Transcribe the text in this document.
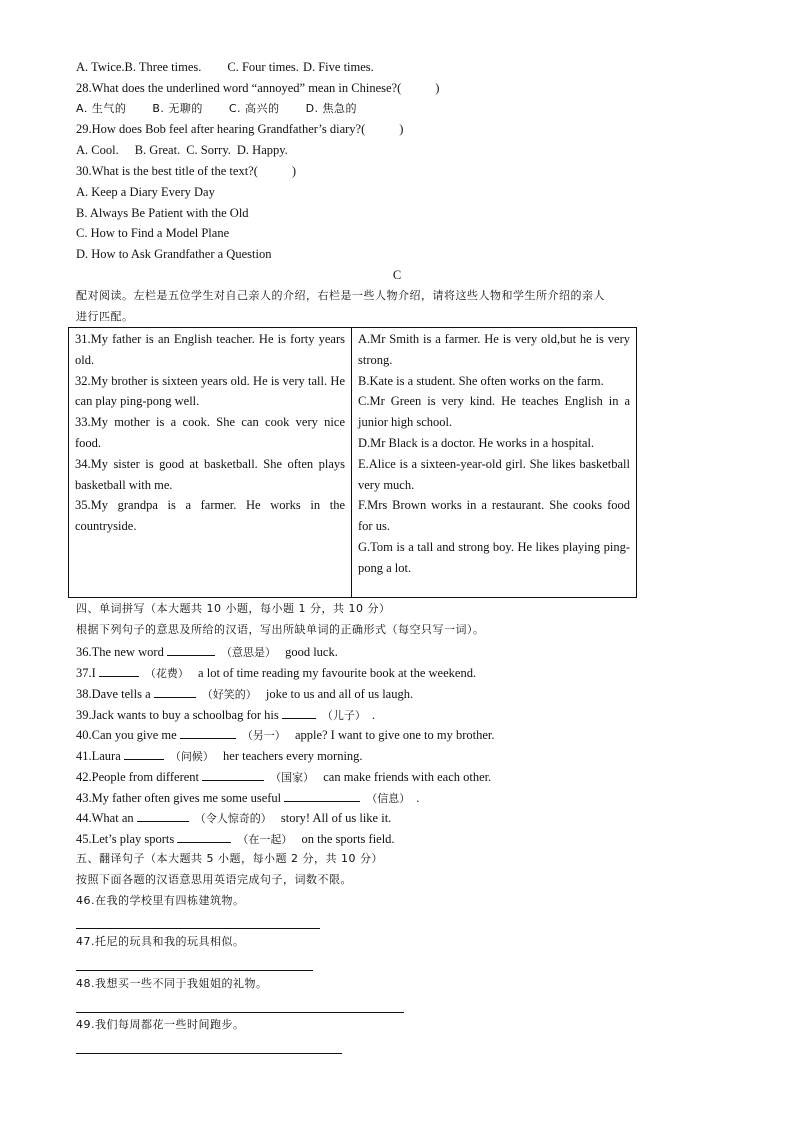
A. Twice.B. Three times. C. Four times. D. Five times.
28.What does the underlined word “annoyed” mean in Chinese?(	)
A. 生气的 B. 无聊的 C. 高兴的 D. 焦急的
29.How does Bob feel after hearing Grandfather’s diary?(	)
A. Cool. B. Great. C. Sorry. D. Happy.
30.What is the best title of the text?(	)
A. Keep a Diary Every Day
B. Always Be Patient with the Old
C. How to Find a Model Plane
D. How to Ask Grandfather a Question
C
配对阅读。左栏是五位学生对自己亲人的介绍，右栏是一些人物介绍，请将这些人物和学生所介绍的亲人
进行匹配。
31.My father is an English teacher. He is forty years old.
32.My brother is sixteen years old. He is very tall. He can play ping-pong well.
33.My mother is a cook. She can cook very nice food.
34.My sister is good at basketball. She often plays basketball with me.
35.My grandpa is a farmer. He works in the countryside.

A.Mr Smith is a farmer. He is very old,but he is very strong.
B.Kate is a student. She often works on the farm.
C.Mr Green is very kind. He teaches English in a junior high school.
D.Mr Black is a doctor. He works in a hospital.
E.Alice is a sixteen-year-old girl. She likes basketball very much.
F.Mrs Brown works in a restaurant. She cooks food for us.
G.Tom is a tall and strong boy. He likes playing ping-pong a lot.
四、单词拼写（本大题共 10 小题，每小题 1 分，共 10 分）
根据下列句子的意思及所给的汉语，写出所缺单词的正确形式（每空只写一词）。
36.The new word	（意思是） good luck.
37.I	（花费） a lot of time reading my favourite book at the weekend.
38.Dave tells a	（好笑的） joke to us and all of us laugh.
39.Jack wants to buy a schoolbag for his	（儿子） .
40.Can you give me	（另一） apple? I want to give one to my brother.
41.Laura	（问候） her teachers every morning.
42.People from different	（国家） can make friends with each other.
43.My father often gives me some useful	（信息） .
44.What an	（令人惊奇的） story! All of us like it.
45.Let’s play sports	（在一起） on the sports field.
五、翻译句子（本大题共 5 小题，每小题 2 分，共 10 分）
按照下面各题的汉语意思用英语完成句子，词数不限。
46.在我的学校里有四栋建筑物。
47.托尼的玩具和我的玩具相似。
48.我想买一些不同于我姐姐的礼物。
49.我们每周都花一些时间跑步。
